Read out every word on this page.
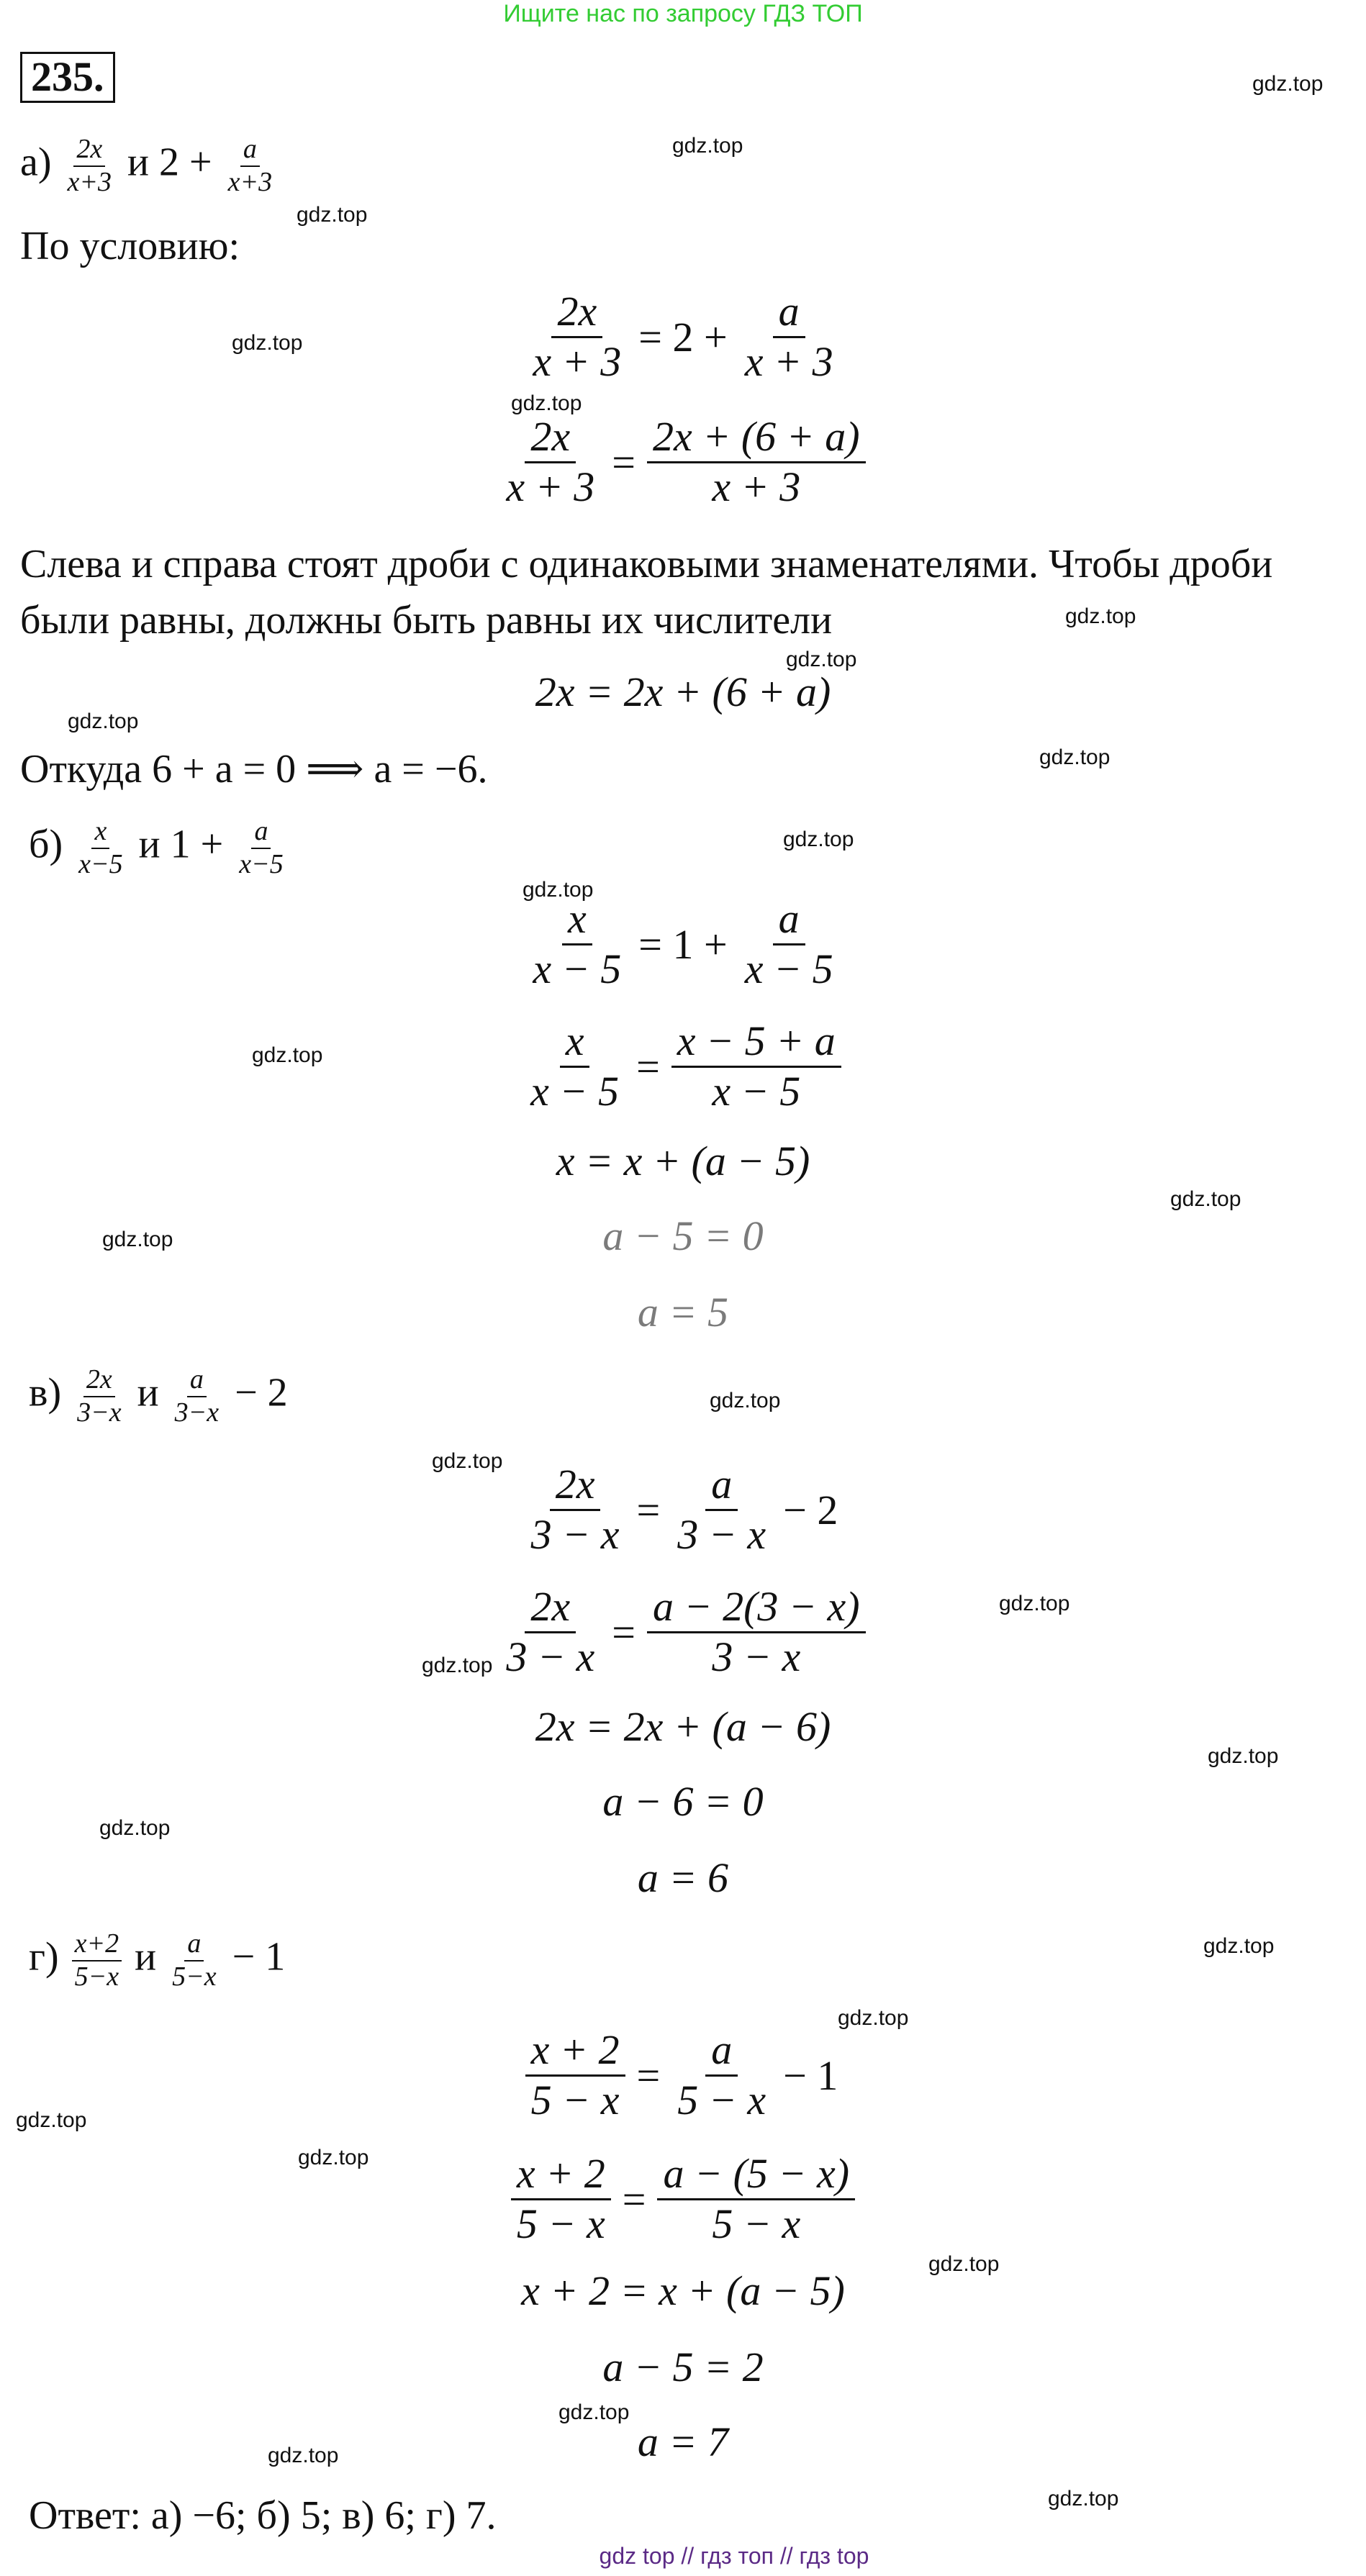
Ищите нас по запросу ГДЗ ТОП
235.	gdz.top
gdz.top
gdz.top
gdz.top
gdz.top
gdz.top
gdz.top
gdz.top
gdz.top
gdz.top
gdz.top
gdz.top
gdz.top
gdz.top
gdz.top
gdz.top
gdz.top
gdz.top
gdz.top
gdz.top
gdz.top
gdz.top
gdz.top
gdz.top
gdz.top
gdz.top
gdz.top
gdz.top
$а) \frac{2x}{x+3}$ и $2 + \frac{a}{x+3}$
По условию:
$\frac{2x}{x + 3} = 2 + \frac{a}{x + 3}$
$\frac{2x}{x + 3} = \frac{2x + (6 + a)}{x + 3}$
Слева и справа стоят дроби с одинаковыми знаменателями. Чтобы дроби
были равны, должны быть равны их числители
2x = 2x + (6 + a)
Откуда 6 + a = 0 ⟹ a = −6.
$б) \frac{x}{x-5}$ и $1 + \frac{a}{x-5}$
$\frac{x}{x - 5} = 1 + \frac{a}{x - 5}$
$\frac{x}{x - 5} = \frac{x - 5 + a}{x - 5}$
x = x + (a − 5)
a − 5 = 0
a = 5
$в) \frac{2x}{3-x}$ и $\frac{a}{3-x} - 2$
$\frac{2x}{3 - x} = \frac{a}{3 - x} - 2$
$\frac{2x}{3 - x} = \frac{a - 2(3 - x)}{3 - x}$
2x = 2x + (a − 6)
a − 6 = 0
a = 6
$г) \frac{x+2}{5-x}$ и $\frac{a}{5-x} - 1$
$\frac{x + 2}{5 - x} = \frac{a}{5 - x} - 1$
$\frac{x + 2}{5 - x} = \frac{a - (5 - x)}{5 - x}$
x + 2 = x + (a − 5)
a − 5 = 2
a = 7
Ответ: а) −6; б) 5; в) 6; г) 7.
gdz top // гдз топ // гдз top
